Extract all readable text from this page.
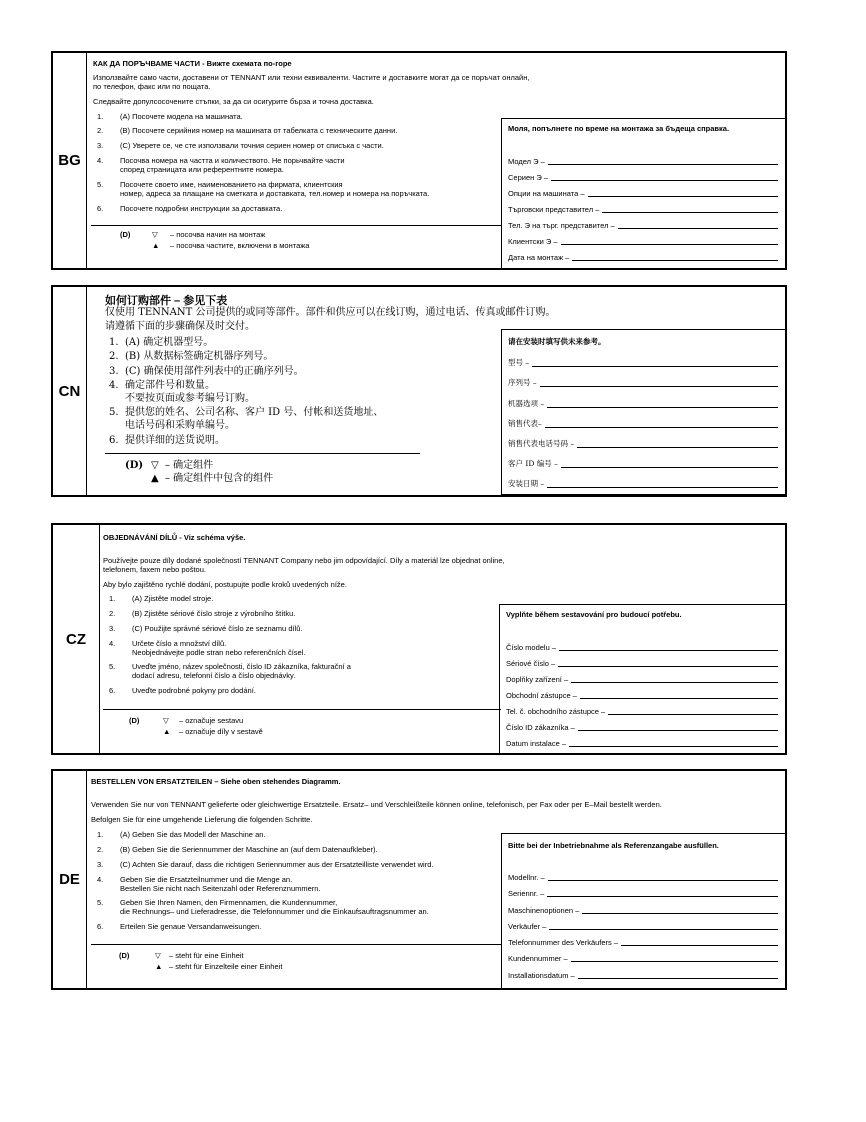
BG
КАК ДА ПОРЪЧВАМЕ ЧАСТИ - Вижте схемата по-горе
Използвайте само части, доставени от TENNANT или техни еквиваленти. Частите и доставките могат да се поръчат онлайн,
по телефон, факс или по пощата.
Следвайте допулсосочените стъпки, за да си осигурите бърза и точна доставка.
1. (A) Посочете модела на машината.
2. (B) Посочете серийния номер на машината от табелката с техническите данни.
3. (C) Уверете се, че сте използвали точния сериен номер от списъка с части.
4. Посочва номера на частта и количеството. Не порьчвайте части
според страницата или референтните номера.
5. Посочете своето име, наименованието на фирмата, клиентския
номер, адреса за плащане на сметката и доставката, тел.номер и номера на поръчката.
6. Посочете подробни инструкции за доставката.
(D)	▽ – посочва начин на монтаж
▲ – посочва частите, включени в монтажа
Моля, попълнете по време на монтажа за бъдеща справка.
Модел Э –
Сериен Э –
Опции на машината –
Търговски представител –
Тел. Э на търг. представител –
Клиентски Э –
Дата на монтаж –
CN
如何订购部件 – 参见下表
仅使用 TENNANT 公司提供的或同等部件。部件和供应可以在线订购，通过电话、传真或邮件订购。
请遵循下面的步骤确保及时交付。
1. (A) 确定机器型号。
2. (B) 从数据标签确定机器序列号。
3. (C) 确保使用部件列表中的正确序列号。
4. 确定部件号和数量。
不要按页面或参考编号订购。
5. 提供您的姓名、公司名称、客户 ID 号、付帐和送货地址、
电话号码和采购单编号。
6. 提供详细的送货说明。
(D) ▽ – 确定组件
▲ – 确定组件中包含的组件
请在安装时填写供未来参考。
型号 –
序列号 –
机器选项 –
销售代表–
销售代表电话号码 –
客户 ID 编号 –
安装日期 –
CZ
OBJEDNÁVÁNÍ DÍLŮ - Viz schéma výše.
Používejte pouze díly dodané společností TENNANT Company nebo jim odpovídající. Díly a materiál lze objednat online,
telefonem, faxem nebo poštou.
Aby bylo zajištěno rychlé dodání, postupujte podle kroků uvedených níže.
1. (A) Zjistěte model stroje.
2. (B) Zjistěte sériové číslo stroje z výrobního štítku.
3. (C) Použijte správné sériové číslo ze seznamu dílů.
4. Určete číslo a množství dílů.
Neobjednávejte podle stran nebo referenčních čísel.
5. Uveďte jméno, název společnosti, číslo ID zákazníka, fakturační a
dodací adresu, telefonní číslo a číslo objednávky.
6. Uveďte podrobné pokyny pro dodání.
(D)	▽ – označuje sestavu
▲ – označuje díly v sestavě
Vyplňte během sestavování pro budoucí potřebu.
Číslo modelu –
Sériové číslo –
Doplňky zařízení –
Obchodní zástupce –
Tel. č. obchodního zástupce –
Číslo ID zákazníka –
Datum instalace –
DE
BESTELLEN VON ERSATZTEILEN – Siehe oben stehendes Diagramm.
Verwenden Sie nur von TENNANT gelieferte oder gleichwertige Ersatzteile. Ersatz– und Verschleißteile können online, telefonisch, per Fax oder per E–Mail bestellt werden.
Befolgen Sie für eine umgehende Lieferung die folgenden Schritte.
1. (A) Geben Sie das Modell der Maschine an.
2. (B) Geben Sie die Seriennummer der Maschine an (auf dem Datenaufkleber).
3. (C) Achten Sie darauf, dass die richtigen Seriennummer aus der Ersatzteilliste verwendet wird.
4. Geben Sie die Ersatzteilnummer und die Menge an.
Bestellen Sie nicht nach Seitenzahl oder Referenznummern.
5. Geben Sie Ihren Namen, den Firmennamen, die Kundennummer,
die Rechnungs– und Lieferadresse, die Telefonnummer und die Einkaufsauftragsnummer an.
6. Erteilen Sie genaue Versandanweisungen.
(D)	▽ – steht für eine Einheit
▲ – steht für Einzelteile einer Einheit
Bitte bei der Inbetriebnahme als Referenzangabe ausfüllen.
Modellnr. –
Seriennr. –
Maschinenoptionen –
Verkäufer –
Telefonnummer des Verkäufers –
Kundennummer –
Installationsdatum –
